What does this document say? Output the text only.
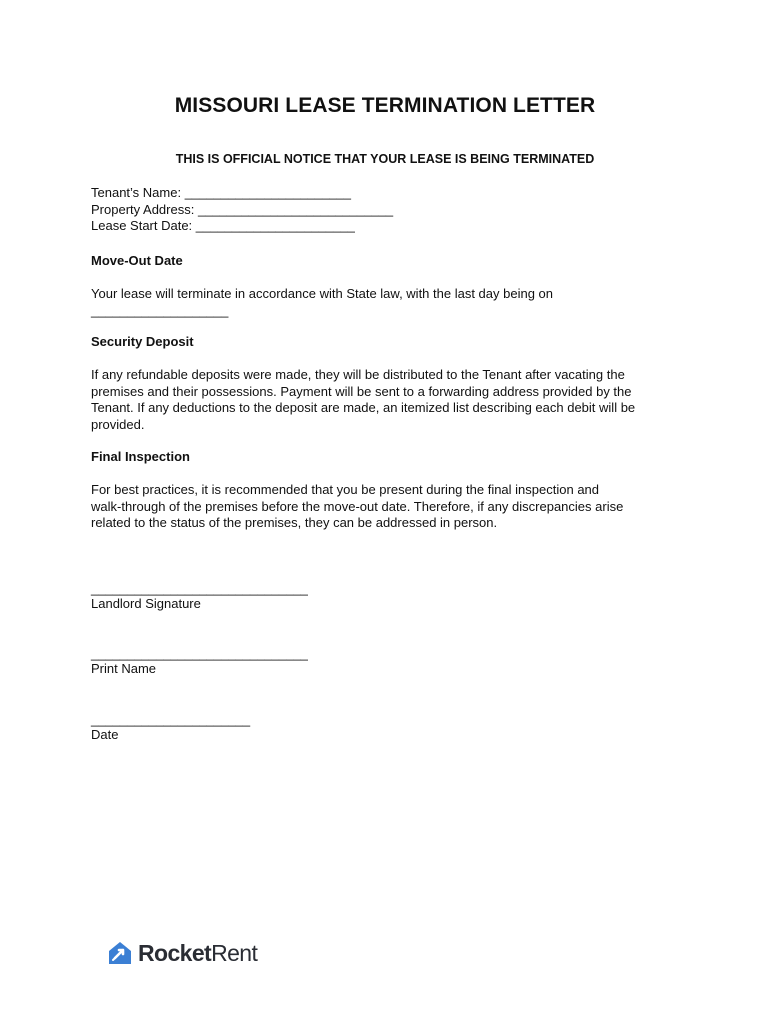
MISSOURI LEASE TERMINATION LETTER
THIS IS OFFICIAL NOTICE THAT YOUR LEASE IS BEING TERMINATED
Tenant’s Name: _______________________
Property Address: ___________________________
Lease Start Date: ______________________
Move-Out Date
Your lease will terminate in accordance with State law, with the last day being on
___________________
Security Deposit
If any refundable deposits were made, they will be distributed to the Tenant after vacating the
premises and their possessions. Payment will be sent to a forwarding address provided by the
Tenant. If any deductions to the deposit are made, an itemized list describing each debit will be
provided.
Final Inspection
For best practices, it is recommended that you be present during the final inspection and
walk-through of the premises before the move-out date. Therefore, if any discrepancies arise
related to the status of the premises, they can be addressed in person.
______________________________
Landlord Signature
______________________________
Print Name
______________________
Date
RocketRent
